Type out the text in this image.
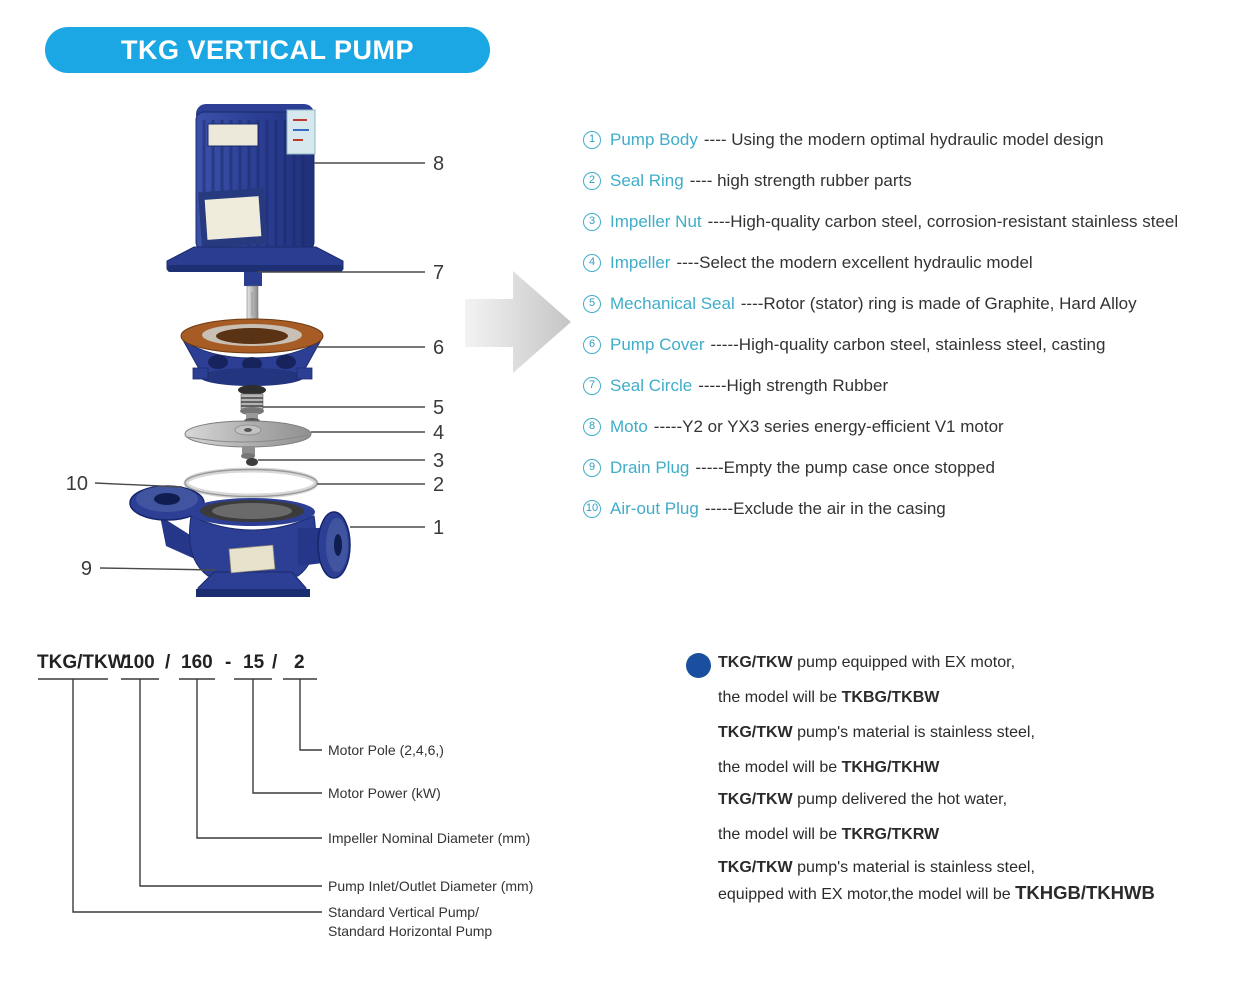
TKG VERTICAL PUMP
8
7
6
5
4
3
2
1
10
9
1 Pump Body ---- Using the modern optimal hydraulic model design
2 Seal Ring ---- high strength rubber parts
3 Impeller Nut ----High-quality carbon steel, corrosion-resistant stainless steel
4 Impeller ----Select the modern excellent hydraulic model
5 Mechanical Seal ----Rotor (stator) ring is made of Graphite, Hard Alloy
6 Pump Cover -----High-quality carbon steel, stainless steel, casting
7 Seal Circle -----High strength Rubber
8 Moto -----Y2 or YX3 series energy-efficient V1 motor
9 Drain Plug -----Empty the pump case once stopped
10 Air-out Plug -----Exclude the air in the casing
TKG/TKW
100 / 160 - 15 / 2
Motor Pole (2,4,6,)
Motor Power (kW)
Impeller Nominal Diameter (mm)
Pump Inlet/Outlet Diameter (mm)
Standard Vertical Pump/
Standard Horizontal Pump
TKG/TKW pump equipped with EX motor,
the model will be TKBG/TKBW
TKG/TKW pump's material is stainless steel,
the model will be TKHG/TKHW
TKG/TKW pump delivered the hot water,
the model will be TKRG/TKRW
TKG/TKW pump's material is stainless steel,
equipped with EX motor,the model will be TKHGB/TKHWB
